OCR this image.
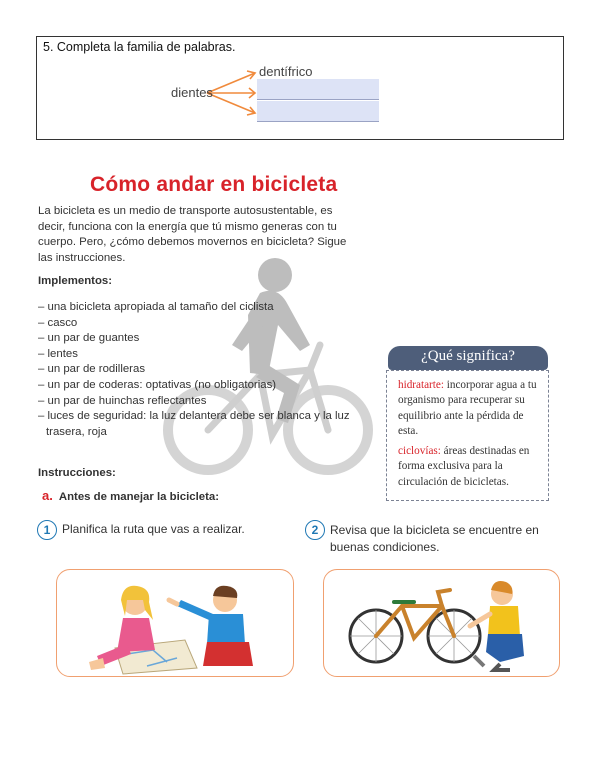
5. Completa la familia de palabras.
dientes
dentífrico
Cómo andar en bicicleta
La bicicleta es un medio de transporte autosustentable, es decir, funciona con la energía que tú mismo generas con tu cuerpo. Pero, ¿cómo debemos movernos en bicicleta? Sigue las instrucciones.
Implementos:
– una bicicleta apropiada al tamaño del ciclista
– casco
– un par de guantes
– lentes
– un par de rodilleras
– un par de coderas: optativas (no obligatorias)
– un par de huinchas reflectantes
– luces de seguridad: la luz delantera debe ser blanca y la luz
trasera, roja
Instrucciones:
a. Antes de manejar la bicicleta:
¿Qué significa?
hidratarte: incorporar agua a tu organismo para recuperar su equilibrio ante la pérdida de esta.
ciclovías: áreas destinadas en forma exclusiva para la circulación de bicicletas.
1 Planifica la ruta que vas a realizar.	2 Revisa que la bicicleta se encuentre en buenas condiciones.
